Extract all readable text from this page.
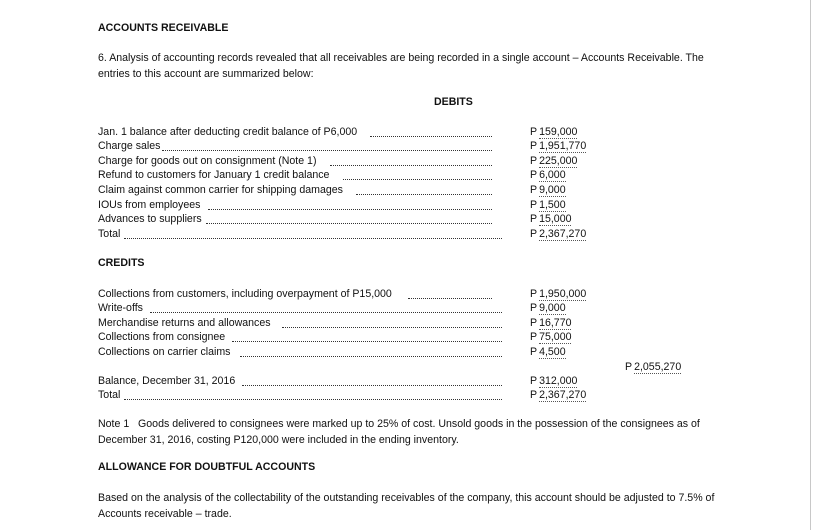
ACCOUNTS RECEIVABLE
6. Analysis of accounting records revealed that all receivables are being recorded in a single account – Accounts Receivable. The entries to this account are summarized below:
DEBITS
Jan. 1 balance after deducting credit balance of P6,000	P 159,000
Charge sales	P 1,951,770
Charge for goods out on consignment (Note 1)	P 225,000
Refund to customers for January 1 credit balance	P 6,000
Claim against common carrier for shipping damages	P 9,000
IOUs from employees	P 1,500
Advances to suppliers	P 15,000
Total	P 2,367,270
CREDITS
Collections from customers, including overpayment of P15,000	P 1,950,000
Write-offs	P 9,000
Merchandise returns and allowances	P 16,770
Collections from consignee	P 75,000
Collections on carrier claims	P 4,500
P 2,055,270
Balance, December 31, 2016	P 312,000
Total	P 2,367,270
Note 1   Goods delivered to consignees were marked up to 25% of cost. Unsold goods in the possession of the consignees as of December 31, 2016, costing P120,000 were included in the ending inventory.
ALLOWANCE FOR DOUBTFUL ACCOUNTS
Based on the analysis of the collectability of the outstanding receivables of the company, this account should be adjusted to 7.5% of Accounts receivable – trade.
